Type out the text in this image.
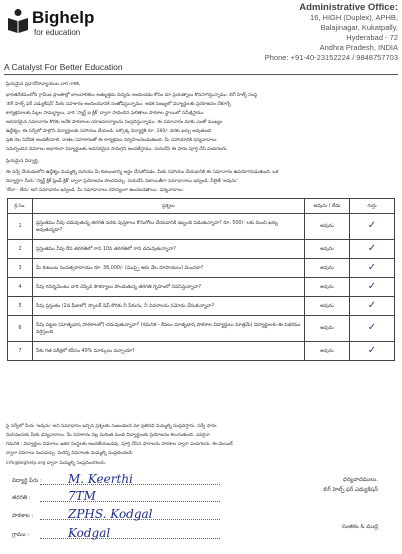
Bighelp
for education
A Catalyst For Better Education
Administrative Office:
16, HIGH (Duplex), APHB,
Balajinagar, Kukatpally,
Hyderabad - 72
Andhra Pradesh, INDIA
Phone: +91-40-23152224 / 9848757703
ప్రియమైన ప్రధానోపాధ్యాయుల వారి గారికి,
భారతదేశములోని గ్రామీణ ప్రాంతాల్లో బాలబాలికలు అత్యుత్తమ విద్యను అందించడం కోసం మా ప్రయత్నాలు కొనసాగిస్తున్నాము. బిగ్ హెల్ప్ సంస్థ
'బిగ్ హెల్ప్ ఫర్ ఎడ్యుకేషన్' మీకు సహకారం అందించడానికి సంతోషిస్తున్నాము. అధిక సంఖ్యలో విద్యార్థులకు ప్రయోజనం చేకూర్చే
కార్యక్రమాలకు పిల్లల సామర్థ్యాలు, వారి 'స్మార్ట్ ఐ క్లిక్' ద్వారా సాధించిన ఫలితాలు పాఠశాల స్థాయిలో సమీక్షిస్తాము
అవసరమైన సమాచారం కొరకు అనేక పాఠశాలల యాజమాన్యాలను సంప్రదిస్తున్నాము. ఈ సమాచారం మాకు ఎంతో ముఖ్యం
ఉద్దేశ్యం. ఈ సర్వేలో పాల్గొని విద్యార్థులకు సహాయం చేయండి. ఒక్కొక్క విద్యార్థికి రూ. 280/- వరకు ఖర్చు అవుతుంది
ప్రతి నెల నివేదిక అందజేయాలి. దాతల సహకారంతో ఈ కార్యక్రమం నిర్వహించబడుతుంది. మీ సహాయానికి ధన్యవాదాలు.
సమర్పించిన వివరాలు ఆధారంగా విద్యార్థులకు అవసరమైన సామగ్రిని అందజేస్తాము. దయచేసి ఈ ఫారం పూర్తి చేసి పంపగలరు.
ప్రియమైన విద్యార్థి,
ఈ సర్వే చేయడంలోని ఉద్దేశ్యం మిమ్మల్ని మరియు మీ కుటుంబాన్ని అర్థం చేసుకోవడం. మీకు సహాయం చేయడానికి ఈ సమాచారం ఉపయోగపడుతుంది. ఒక
విద్యార్థిగా మీరు 'స్మార్ట్ క్లిక్ ఫ్రెండ్ క్లిక్' ద్వారా ప్రయోజనం పొందవచ్చు. దయచేసి నిజాయితీగా సమాధానాలు ఇవ్వండి. వీలైతే 'అవును'
'లేదా - లేదు' అని సమాధానం ఇవ్వండి. మీ సమాధానాలు రహస్యంగా ఉంచబడతాయి. ధన్యవాదాలు.
క్ర.సం.	ప్రశ్నలు	అవును / లేదు	గుర్తు
1	ప్రస్తుతము నీవు చదువుతున్న తరగతి వరకు పుస్తకాలు కొనుగోలు చేయడానికి ఇబ్బంది పడుతున్నావా? రూ. 500/- లకు మించి ఖర్చు అవుతున్నదా?	అవును	✓
2	ప్రస్తుతము నీవు 8వ తరగతిలో గాని 10వ తరగతిలో గాని చదువుతున్నావా?	అవును	✓
3	మీ కుటుంబ సంవత్సరాదాయం రూ. 36,000/- (ముప్పై ఆరు వేల రూపాయలు) మించదా?	అవును	✓
4	నీవు గవర్నమెంటు వారి చెప్పిన సౌకర్యాలు పొందుతున్న తరగతి గృహంలో నివసిస్తున్నావా?	అవును	✓
5	నీవు ప్రస్తుతం (2వ ఫీజులో) స్కాలర్ షిప్ కొరకు నీ పేరును, నీ వివరాలను నమోదు చేసుకున్నావా?	అవును	✓
6	నీవు పట్టణ (మాతృభాష పాఠశాలలో) చదువుతున్నావా? (గమనిక - కేవలం మాతృభాష పాఠశాల విద్యార్థులు మాత్రమే) విద్యార్థులకు ఈ పథకము వర్తిస్తుంది	అవును	✓
7	నీకు గత పరీక్షలో కనీసం 40% మార్కులు వచ్చాయా?	అవును	✓
పై సర్వేలో మీరు 'అవును' అని సమాధానం ఇచ్చిన ప్రశ్నలకు సంబంధించి మా ప్రతినిధి మిమ్మల్ని సంప్రదిస్తారు. సర్వే ఫారం
నింపినందుకు మీకు ధన్యవాదాలు. మీ సహకారం వల్ల మరింత మంది విద్యార్థులకు ప్రయోజనం కలుగుతుంది. ఎవరైనా
గమనిక : విద్యార్థుల వివరాలు ఇతర సంస్థలకు అందజేయబడవు. పూర్తి చేసిన ఫారాలను పాఠశాల ద్వారా పంపగలరు. ఈ-మెయిల్
ద్వారా వివరాలు పంపవచ్చు. మరిన్ని వివరాలకు మమ్మల్ని సంప్రదించండి:
info@bighelp.org ద్వారా మమ్మల్ని సంప్రదించగలరు.
విద్యార్థి పేరు : M. Keerthi
తరగతి :	7TM
పాఠశాల :	ZPHS. Kodgal
గ్రామం :	Kodgal
ధన్యవాదములు,
బిగ్ హెల్ప్ ఫర్ ఎడ్యుకేషన్
సంతకం & ముద్ర
